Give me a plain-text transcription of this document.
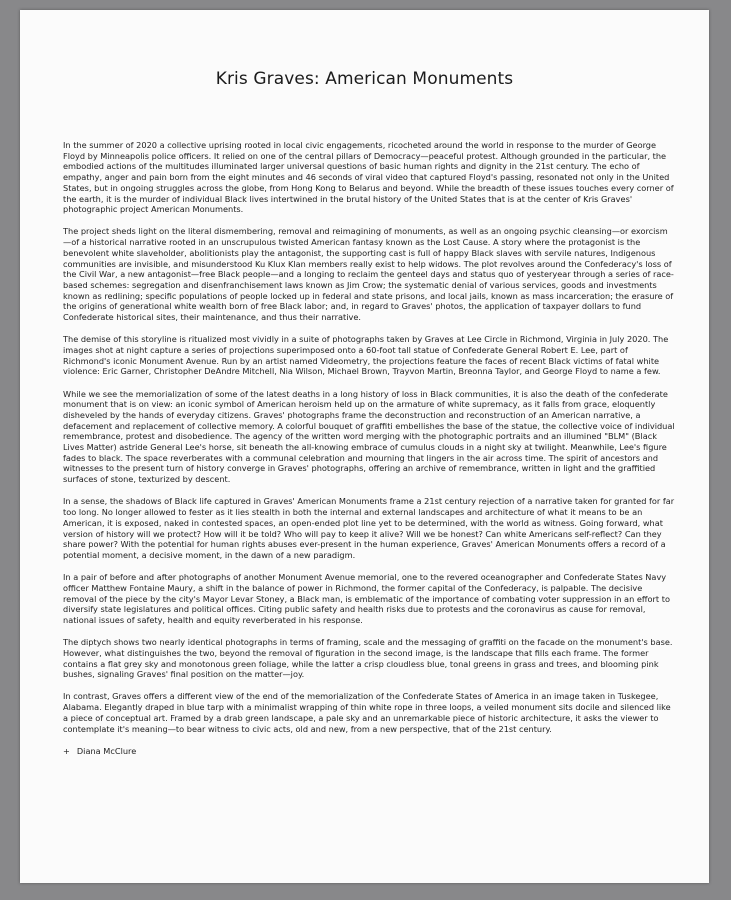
Kris Graves: American Monuments

In the summer of 2020 a collective uprising rooted in local civic engagements, ricocheted around the world in response to the murder of George Floyd by Minneapolis police officers. It relied on one of the central pillars of Democracy—peaceful protest. Although grounded in the particular, the embodied actions of the multitudes illuminated larger universal questions of basic human rights and dignity in the 21st century. The echo of empathy, anger and pain born from the eight minutes and 46 seconds of viral video that captured Floyd's passing, resonated not only in the United States, but in ongoing struggles across the globe, from Hong Kong to Belarus and beyond. While the breadth of these issues touches every corner of the earth, it is the murder of individual Black lives intertwined in the brutal history of the United States that is at the center of Kris Graves' photographic project American Monuments.

The project sheds light on the literal dismembering, removal and reimagining of monuments, as well as an ongoing psychic cleansing—or exorcism—of a historical narrative rooted in an unscrupulous twisted American fantasy known as the Lost Cause. A story where the protagonist is the benevolent white slaveholder, abolitionists play the antagonist, the supporting cast is full of happy Black slaves with servile natures, Indigenous communities are invisible, and misunderstood Ku Klux Klan members really exist to help widows. The plot revolves around the Confederacy's loss of the Civil War, a new antagonist—free Black people—and a longing to reclaim the genteel days and status quo of yesteryear through a series of race-based schemes: segregation and disenfranchisement laws known as Jim Crow; the systematic denial of various services, goods and investments known as redlining; specific populations of people locked up in federal and state prisons, and local jails, known as mass incarceration; the erasure of the origins of generational white wealth born of free Black labor; and, in regard to Graves' photos, the application of taxpayer dollars to fund Confederate historical sites, their maintenance, and thus their narrative.

The demise of this storyline is ritualized most vividly in a suite of photographs taken by Graves at Lee Circle in Richmond, Virginia in July 2020. The images shot at night capture a series of projections superimposed onto a 60-foot tall statue of Confederate General Robert E. Lee, part of Richmond's iconic Monument Avenue. Run by an artist named Videometry, the projections feature the faces of recent Black victims of fatal white violence: Eric Garner, Christopher DeAndre Mitchell, Nia Wilson, Michael Brown, Trayvon Martin, Breonna Taylor, and George Floyd to name a few.

While we see the memorialization of some of the latest deaths in a long history of loss in Black communities, it is also the death of the confederate monument that is on view: an iconic symbol of American heroism held up on the armature of white supremacy, as it falls from grace, eloquently disheveled by the hands of everyday citizens. Graves' photographs frame the deconstruction and reconstruction of an American narrative, a defacement and replacement of collective memory. A colorful bouquet of graffiti embellishes the base of the statue, the collective voice of individual remembrance, protest and disobedience. The agency of the written word merging with the photographic portraits and an illumined "BLM" (Black Lives Matter) astride General Lee's horse, sit beneath the all-knowing embrace of cumulus clouds in a night sky at twilight. Meanwhile, Lee's figure fades to black. The space reverberates with a communal celebration and mourning that lingers in the air across time. The spirit of ancestors and witnesses to the present turn of history converge in Graves' photographs, offering an archive of remembrance, written in light and the graffitied surfaces of stone, texturized by descent.

In a sense, the shadows of Black life captured in Graves' American Monuments frame a 21st century rejection of a narrative taken for granted for far too long. No longer allowed to fester as it lies stealth in both the internal and external landscapes and architecture of what it means to be an American, it is exposed, naked in contested spaces, an open-ended plot line yet to be determined, with the world as witness. Going forward, what version of history will we protect? How will it be told? Who will pay to keep it alive? Will we be honest? Can white Americans self-reflect? Can they share power? With the potential for human rights abuses ever-present in the human experience, Graves' American Monuments offers a record of a potential moment, a decisive moment, in the dawn of a new paradigm.

In a pair of before and after photographs of another Monument Avenue memorial, one to the revered oceanographer and Confederate States Navy officer Matthew Fontaine Maury, a shift in the balance of power in Richmond, the former capital of the Confederacy, is palpable. The decisive removal of the piece by the city's Mayor Levar Stoney, a Black man, is emblematic of the importance of combating voter suppression in an effort to diversify state legislatures and political offices. Citing public safety and health risks due to protests and the coronavirus as cause for removal, national issues of safety, health and equity reverberated in his response.

The diptych shows two nearly identical photographs in terms of framing, scale and the messaging of graffiti on the facade on the monument's base. However, what distinguishes the two, beyond the removal of figuration in the second image, is the landscape that fills each frame. The former contains a flat grey sky and monotonous green foliage, while the latter a crisp cloudless blue, tonal greens in grass and trees, and blooming pink bushes, signaling Graves' final position on the matter—joy.

In contrast, Graves offers a different view of the end of the memorialization of the Confederate States of America in an image taken in Tuskegee, Alabama. Elegantly draped in blue tarp with a minimalist wrapping of thin white rope in three loops, a veiled monument sits docile and silenced like a piece of conceptual art. Framed by a drab green landscape, a pale sky and an unremarkable piece of historic architecture, it asks the viewer to contemplate it's meaning—to bear witness to civic acts, old and new, from a new perspective, that of the 21st century.

+ Diana McClure
